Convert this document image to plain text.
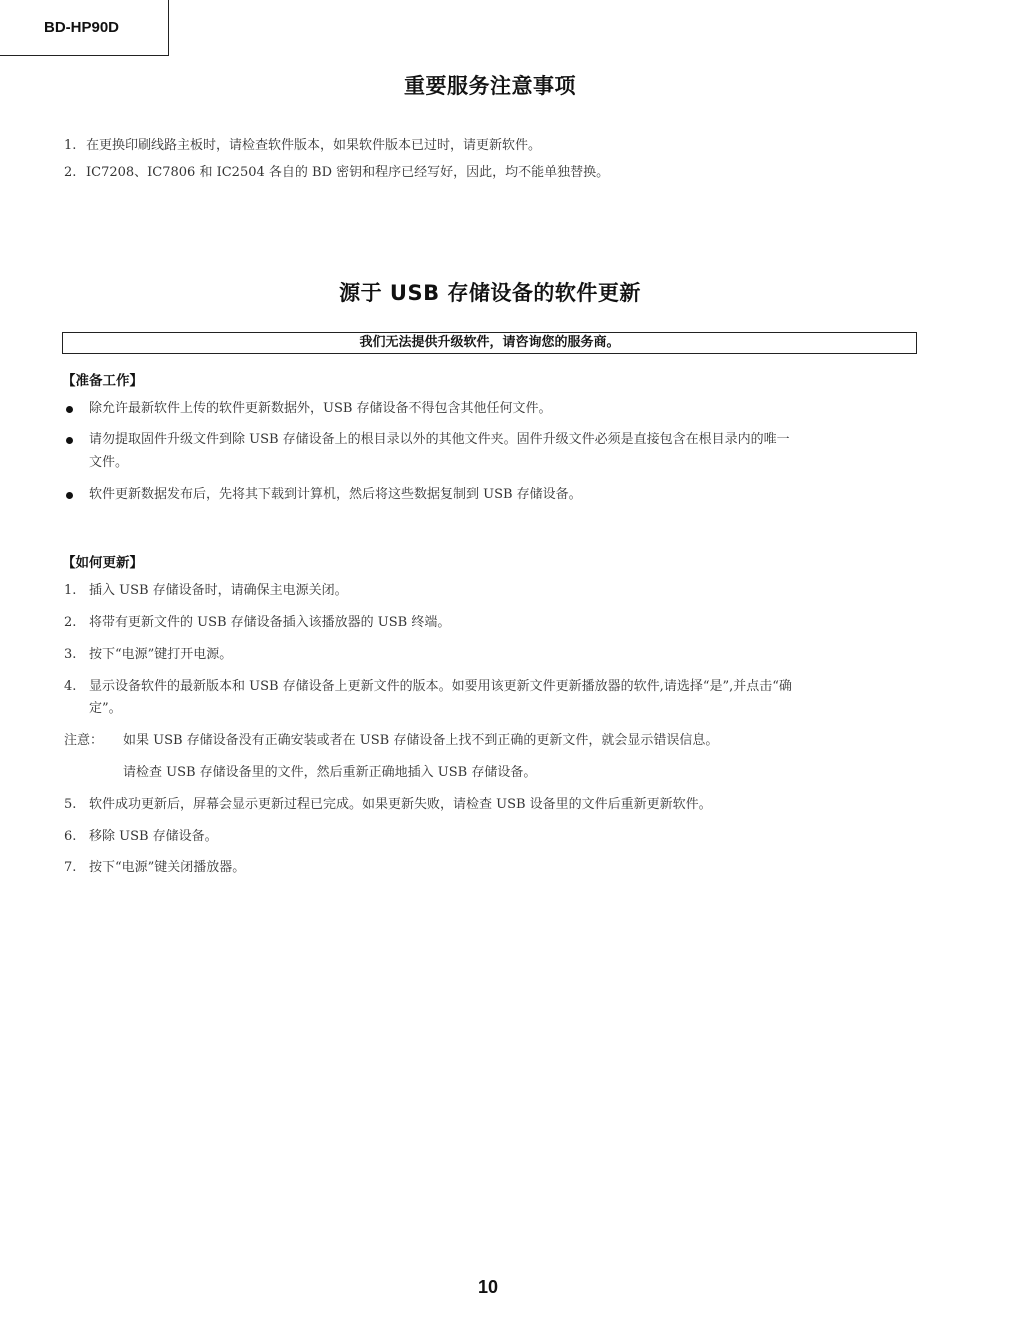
BD-HP90D
重要服务注意事项
1. 在更换印刷线路主板时，请检查软件版本，如果软件版本已过时，请更新软件。
2. IC7208、IC7806 和 IC2504 各自的 BD 密钥和程序已经写好，因此，均不能单独替换。
源于 USB 存储设备的软件更新
我们无法提供升级软件，请咨询您的服务商。
【准备工作】
除允许最新软件上传的软件更新数据外，USB 存储设备不得包含其他任何文件。
请勿提取固件升级文件到除 USB 存储设备上的根目录以外的其他文件夹。固件升级文件必须是直接包含在根目录内的唯一
文件。
软件更新数据发布后，先将其下载到计算机，然后将这些数据复制到 USB 存储设备。
【如何更新】
1. 插入 USB 存储设备时，请确保主电源关闭。
2. 将带有更新文件的 USB 存储设备插入该播放器的 USB 终端。
3. 按下“电源”键打开电源。
4. 显示设备软件的最新版本和 USB 存储设备上更新文件的版本。如要用该更新文件更新播放器的软件,请选择“是”,并点击“确
定”。
注意： 如果 USB 存储设备没有正确安装或者在 USB 存储设备上找不到正确的更新文件，就会显示错误信息。
请检查 USB 存储设备里的文件，然后重新正确地插入 USB 存储设备。
5. 软件成功更新后，屏幕会显示更新过程已完成。如果更新失败，请检查 USB 设备里的文件后重新更新软件。
6. 移除 USB 存储设备。
7. 按下“电源”键关闭播放器。
10
